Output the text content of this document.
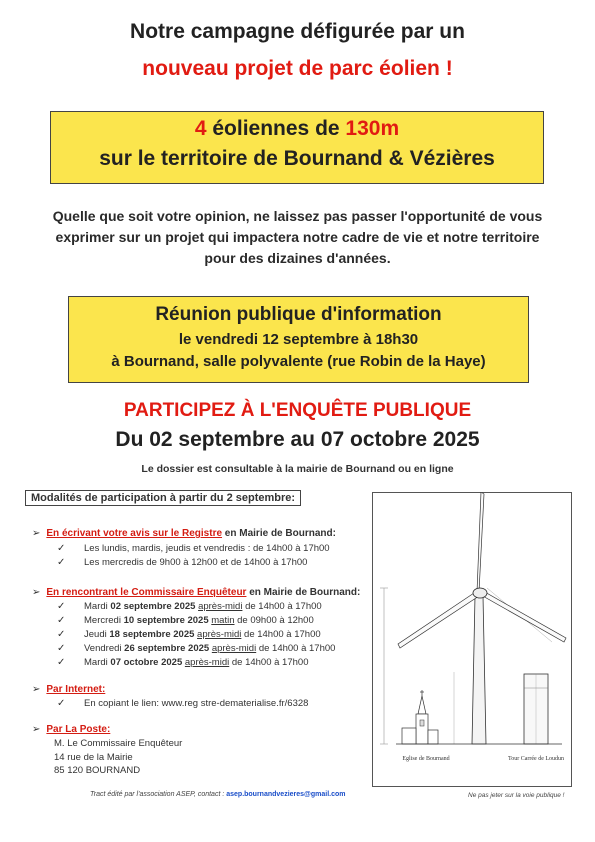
Notre campagne défigurée par un
nouveau projet de parc éolien !
4 éoliennes de 130m
sur le territoire de Bournand & Vézières
Quelle que soit votre opinion, ne laissez pas passer l'opportunité de vous
exprimer sur un projet qui impactera notre cadre de vie et notre territoire
pour des dizaines d'années.
Réunion publique d'information
le vendredi 12 septembre à 18h30
à Bournand, salle polyvalente (rue Robin de la Haye)
PARTICIPEZ À L'ENQUÊTE PUBLIQUE
Du 02 septembre au 07 octobre 2025
Le dossier est consultable à la mairie de Bournand ou en ligne
Modalités de participation à partir du 2 septembre:
➢ En écrivant votre avis sur le Registre en Mairie de Bournand:
✓ Les lundis, mardis, jeudis et vendredis : de 14h00 à 17h00
✓ Les mercredis de 9h00 à 12h00 et de 14h00 à 17h00
➢ En rencontrant le Commissaire Enquêteur en Mairie de Bournand:
✓ Mardi 02 septembre 2025 après-midi de 14h00 à 17h00
✓ Mercredi 10 septembre 2025 matin de 09h00 à 12h00
✓ Jeudi 18 septembre 2025 après-midi de 14h00 à 17h00
✓ Vendredi 26 septembre 2025 après-midi de 14h00 à 17h00
✓ Mardi 07 octobre 2025 après-midi de 14h00 à 17h00
➢ Par Internet:
✓ En copiant le lien: www.reg stre-dematerialise.fr/6328
➢ Par La Poste:
M. Le Commissaire Enquêteur
14 rue de la Mairie
85 120 BOURNAND
Eglise de Bournand	Tour Carrée de Loudun
Tract édité par l'association ASEP, contact : asep.bournandvezieres@gmail.com	Ne pas jeter sur la voie publique !
